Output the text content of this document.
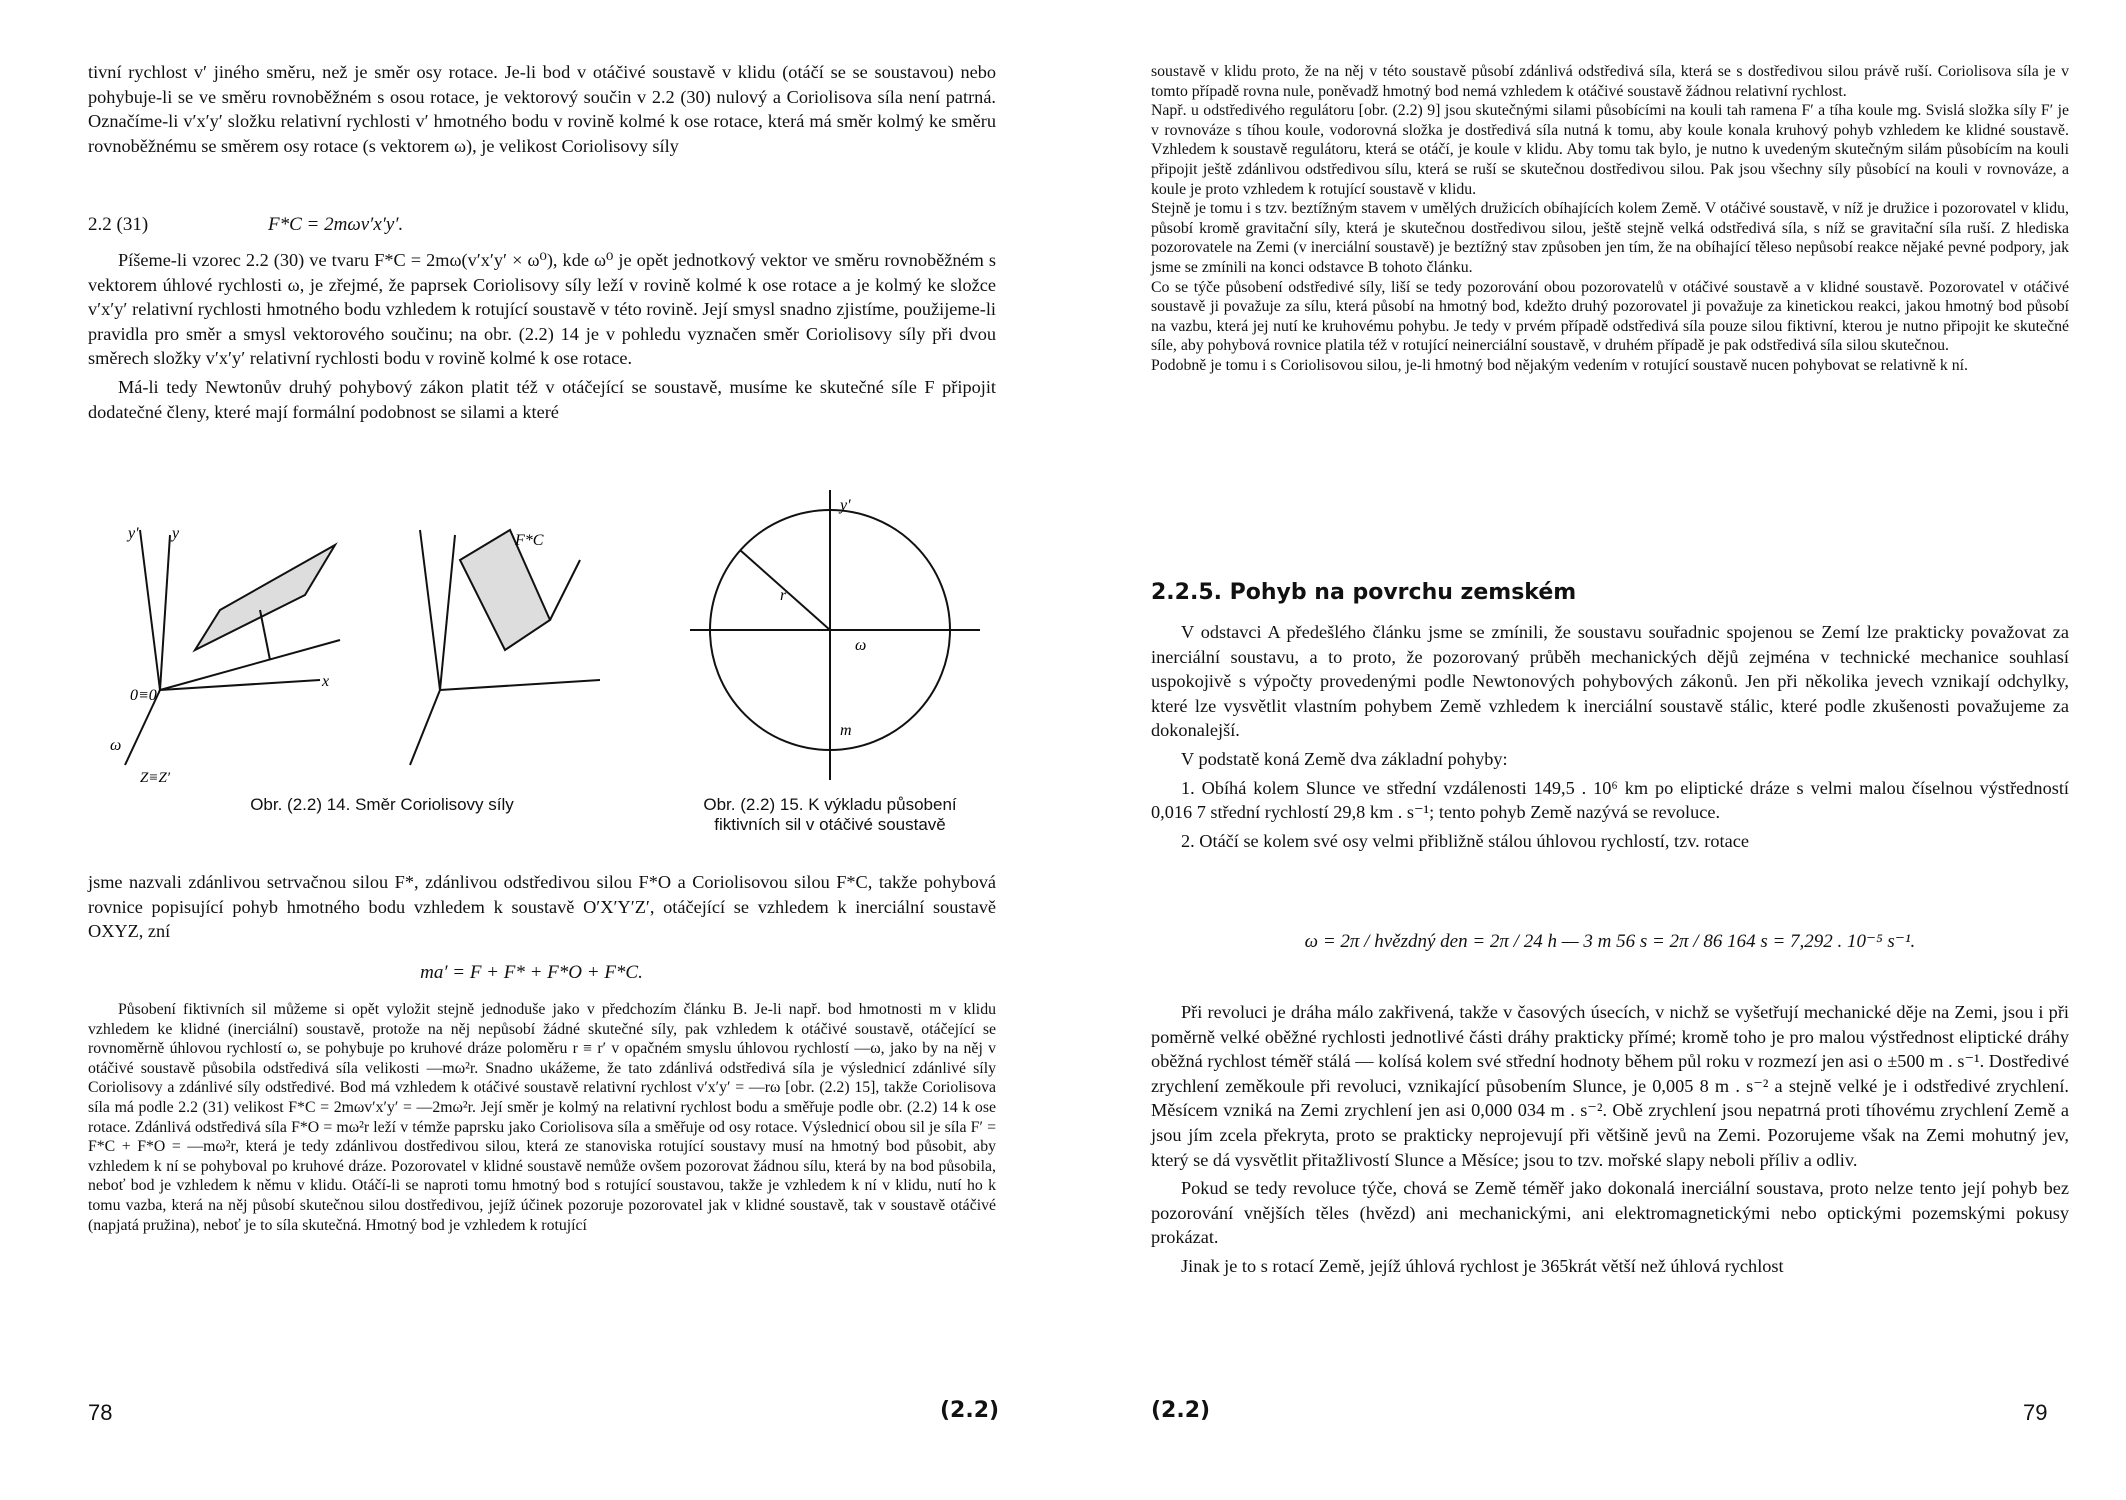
tivní rychlost v′ jiného směru, než je směr osy rotace. Je-li bod v otáčivé soustavě v klidu (otáčí se se soustavou) nebo pohybuje-li se ve směru rovnoběžném s osou rotace, je vektorový součin v 2.2 (30) nulový a Coriolisova síla není patrná. Označíme-li v′x′y′ složku relativní rychlosti v′ hmotného bodu v rovině kolmé k ose rotace, která má směr kolmý ke směru rovnoběžnému se směrem osy rotace (s vektorem ω), je velikost Coriolisovy síly

2.2 (31)	F*C = 2mωv′x′y′.

Píšeme-li vzorec 2.2 (30) ve tvaru F*C = 2mω(v′x′y′ × ω⁰), kde ω⁰ je opět jednotkový vektor ve směru rovnoběžném s vektorem úhlové rychlosti ω, je zřejmé, že paprsek Coriolisovy síly leží v rovině kolmé k ose rotace a je kolmý ke složce v′x′y′ relativní rychlosti hmotného bodu vzhledem k rotující soustavě v této rovině. Její smysl snadno zjistíme, použijeme-li pravidla pro směr a smysl vektorového součinu; na obr. (2.2) 14 je v pohledu vyznačen směr Coriolisovy síly při dvou směrech složky v′x′y′ relativní rychlosti bodu v rovině kolmé k ose rotace.

Má-li tedy Newtonův druhý pohybový zákon platit též v otáčející se soustavě, musíme ke skutečné síle F připojit dodatečné členy, které mají formální podobnost se silami a které

y′ y
x
0≡0′
ω
Z≡Z′
F*C
y′
r
ω
m
Obr. (2.2) 14. Směr Coriolisovy síly	Obr. (2.2) 15. K výkladu působení
fiktivních sil v otáčivé soustavě

jsme nazvali zdánlivou setrvačnou silou F*, zdánlivou odstředivou silou F*O a Coriolisovou silou F*C, takže pohybová rovnice popisující pohyb hmotného bodu vzhledem k soustavě O′X′Y′Z′, otáčející se vzhledem k inerciální soustavě OXYZ, zní

ma′ = F + F* + F*O + F*C.

Působení fiktivních sil můžeme si opět vyložit stejně jednoduše jako v předchozím článku B. Je-li např. bod hmotnosti m v klidu vzhledem ke klidné (inerciální) soustavě, protože na něj nepůsobí žádné skutečné síly, pak vzhledem k otáčivé soustavě, otáčející se rovnoměrně úhlovou rychlostí ω, se pohybuje po kruhové dráze poloměru r ≡ r′ v opačném smyslu úhlovou rychlostí —ω, jako by na něj v otáčivé soustavě působila odstředivá síla velikosti —mω²r. Snadno ukážeme, že tato zdánlivá odstředivá síla je výslednicí zdánlivé síly Coriolisovy a zdánlivé síly odstředivé. Bod má vzhledem k otáčivé soustavě relativní rychlost v′x′y′ = —rω [obr. (2.2) 15], takže Coriolisova síla má podle 2.2 (31) velikost F*C = 2mωv′x′y′ = —2mω²r. Její směr je kolmý na relativní rychlost bodu a směřuje podle obr. (2.2) 14 k ose rotace. Zdánlivá odstředivá síla F*O = mω²r leží v témže paprsku jako Coriolisova síla a směřuje od osy rotace. Výslednicí obou sil je síla F′ = F*C + F*O = —mω²r, která je tedy zdánlivou dostředivou silou, která ze stanoviska rotující soustavy musí na hmotný bod působit, aby vzhledem k ní se pohyboval po kruhové dráze. Pozorovatel v klidné soustavě nemůže ovšem pozorovat žádnou sílu, která by na bod působila, neboť bod je vzhledem k němu v klidu. Otáčí-li se naproti tomu hmotný bod s rotující soustavou, takže je vzhledem k ní v klidu, nutí ho k tomu vazba, která na něj působí skutečnou silou dostředivou, jejíž účinek pozoruje pozorovatel jak v klidné soustavě, tak v soustavě otáčivé (napjatá pružina), neboť je to síla skutečná. Hmotný bod je vzhledem k rotující

78	(2.2)

soustavě v klidu proto, že na něj v této soustavě působí zdánlivá odstředivá síla, která se s dostředivou silou právě ruší. Coriolisova síla je v tomto případě rovna nule, poněvadž hmotný bod nemá vzhledem k otáčivé soustavě žádnou relativní rychlost.
Např. u odstředivého regulátoru [obr. (2.2) 9] jsou skutečnými silami působícími na kouli tah ramena F′ a tíha koule mg. Svislá složka síly F′ je v rovnováze s tíhou koule, vodorovná složka je dostředivá síla nutná k tomu, aby koule konala kruhový pohyb vzhledem ke klidné soustavě. Vzhledem k soustavě regulátoru, která se otáčí, je koule v klidu. Aby tomu tak bylo, je nutno k uvedeným skutečným silám působícím na kouli připojit ještě zdánlivou odstředivou sílu, která se ruší se skutečnou dostředivou silou. Pak jsou všechny síly působící na kouli v rovnováze, a koule je proto vzhledem k rotující soustavě v klidu.
Stejně je tomu i s tzv. beztížným stavem v umělých družicích obíhajících kolem Země. V otáčivé soustavě, v níž je družice i pozorovatel v klidu, působí kromě gravitační síly, která je skutečnou dostředivou silou, ještě stejně velká odstředivá síla, s níž se gravitační síla ruší. Z hlediska pozorovatele na Zemi (v inerciální soustavě) je beztížný stav způsoben jen tím, že na obíhající těleso nepůsobí reakce nějaké pevné podpory, jak jsme se zmínili na konci odstavce B tohoto článku.
Co se týče působení odstředivé síly, liší se tedy pozorování obou pozorovatelů v otáčivé soustavě a v klidné soustavě. Pozorovatel v otáčivé soustavě ji považuje za sílu, která působí na hmotný bod, kdežto druhý pozorovatel ji považuje za kinetickou reakci, jakou hmotný bod působí na vazbu, která jej nutí ke kruhovému pohybu. Je tedy v prvém případě odstředivá síla pouze silou fiktivní, kterou je nutno připojit ke skutečné síle, aby pohybová rovnice platila též v rotující neinerciální soustavě, v druhém případě je pak odstředivá síla silou skutečnou.
Podobně je tomu i s Coriolisovou silou, je-li hmotný bod nějakým vedením v rotující soustavě nucen pohybovat se relativně k ní.

2.2.5. Pohyb na povrchu zemském

V odstavci A předešlého článku jsme se zmínili, že soustavu souřadnic spojenou se Zemí lze prakticky považovat za inerciální soustavu, a to proto, že pozorovaný průběh mechanických dějů zejména v technické mechanice souhlasí uspokojivě s výpočty provedenými podle Newtonových pohybových zákonů. Jen při několika jevech vznikají odchylky, které lze vysvětlit vlastním pohybem Země vzhledem k inerciální soustavě stálic, které podle zkušenosti považujeme za dokonalejší.

V podstatě koná Země dva základní pohyby:

1. Obíhá kolem Slunce ve střední vzdálenosti 149,5 . 10⁶ km po eliptické dráze s velmi malou číselnou výstředností 0,016 7 střední rychlostí 29,8 km . s⁻¹; tento pohyb Země nazývá se revoluce.

2. Otáčí se kolem své osy velmi přibližně stálou úhlovou rychlostí, tzv. rotace

ω = 2π / hvězdný den = 2π / 24 h — 3 m 56 s = 2π / 86 164 s = 7,292 . 10⁻⁵ s⁻¹.

Při revoluci je dráha málo zakřivená, takže v časových úsecích, v nichž se vyšetřují mechanické děje na Zemi, jsou i při poměrně velké oběžné rychlosti jednotlivé části dráhy prakticky přímé; kromě toho je pro malou výstřednost eliptické dráhy oběžná rychlost téměř stálá — kolísá kolem své střední hodnoty během půl roku v rozmezí jen asi o ±500 m . s⁻¹. Dostředivé zrychlení zeměkoule při revoluci, vznikající působením Slunce, je 0,005 8 m . s⁻² a stejně velké je i odstředivé zrychlení. Měsícem vzniká na Zemi zrychlení jen asi 0,000 034 m . s⁻². Obě zrychlení jsou nepatrná proti tíhovému zrychlení Země a jsou jím zcela překryta, proto se prakticky neprojevují při většině jevů na Zemi. Pozorujeme však na Zemi mohutný jev, který se dá vysvětlit přitažlivostí Slunce a Měsíce; jsou to tzv. mořské slapy neboli příliv a odliv.

Pokud se tedy revoluce týče, chová se Země téměř jako dokonalá inerciální soustava, proto nelze tento její pohyb bez pozorování vnějších těles (hvězd) ani mechanickými, ani elektromagnetickými nebo optickými pozemskými pokusy prokázat.

Jinak je to s rotací Země, jejíž úhlová rychlost je 365krát větší než úhlová rychlost

(2.2)	79
